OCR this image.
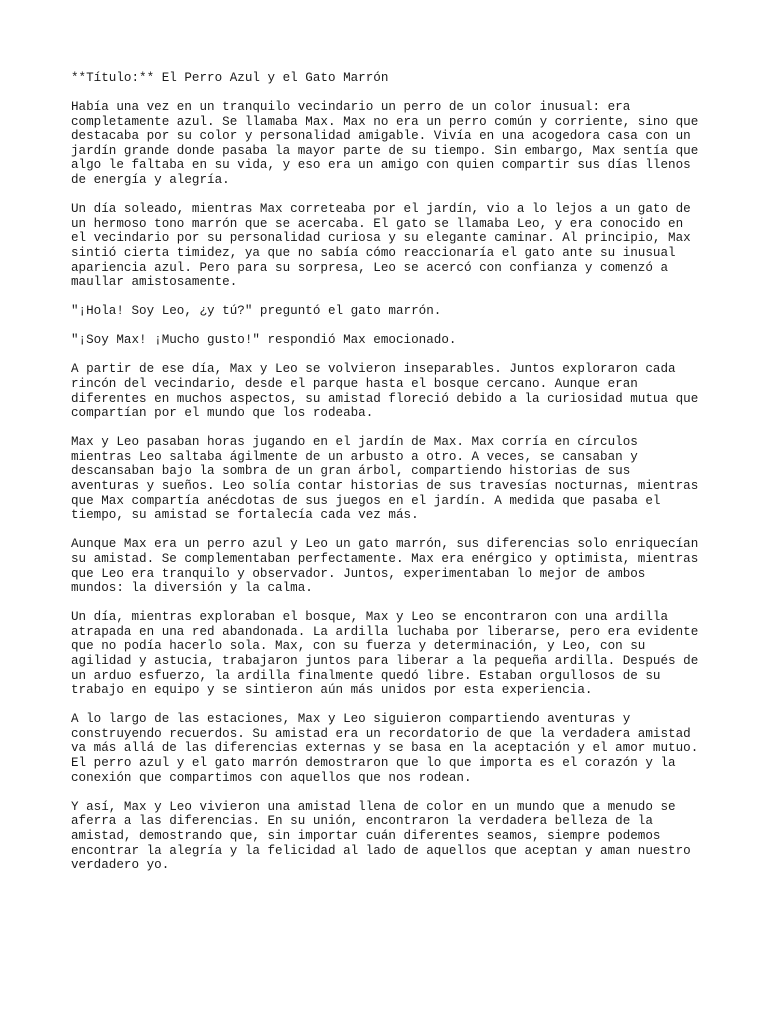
**Título:** El Perro Azul y el Gato Marrón

Había una vez en un tranquilo vecindario un perro de un color inusual: era
completamente azul. Se llamaba Max. Max no era un perro común y corriente, sino que
destacaba por su color y personalidad amigable. Vivía en una acogedora casa con un
jardín grande donde pasaba la mayor parte de su tiempo. Sin embargo, Max sentía que
algo le faltaba en su vida, y eso era un amigo con quien compartir sus días llenos
de energía y alegría.

Un día soleado, mientras Max correteaba por el jardín, vio a lo lejos a un gato de
un hermoso tono marrón que se acercaba. El gato se llamaba Leo, y era conocido en
el vecindario por su personalidad curiosa y su elegante caminar. Al principio, Max
sintió cierta timidez, ya que no sabía cómo reaccionaría el gato ante su inusual
apariencia azul. Pero para su sorpresa, Leo se acercó con confianza y comenzó a
maullar amistosamente.

"¡Hola! Soy Leo, ¿y tú?" preguntó el gato marrón.

"¡Soy Max! ¡Mucho gusto!" respondió Max emocionado.

A partir de ese día, Max y Leo se volvieron inseparables. Juntos exploraron cada
rincón del vecindario, desde el parque hasta el bosque cercano. Aunque eran
diferentes en muchos aspectos, su amistad floreció debido a la curiosidad mutua que
compartían por el mundo que los rodeaba.

Max y Leo pasaban horas jugando en el jardín de Max. Max corría en círculos
mientras Leo saltaba ágilmente de un arbusto a otro. A veces, se cansaban y
descansaban bajo la sombra de un gran árbol, compartiendo historias de sus
aventuras y sueños. Leo solía contar historias de sus travesías nocturnas, mientras
que Max compartía anécdotas de sus juegos en el jardín. A medida que pasaba el
tiempo, su amistad se fortalecía cada vez más.

Aunque Max era un perro azul y Leo un gato marrón, sus diferencias solo enriquecían
su amistad. Se complementaban perfectamente. Max era enérgico y optimista, mientras
que Leo era tranquilo y observador. Juntos, experimentaban lo mejor de ambos
mundos: la diversión y la calma.

Un día, mientras exploraban el bosque, Max y Leo se encontraron con una ardilla
atrapada en una red abandonada. La ardilla luchaba por liberarse, pero era evidente
que no podía hacerlo sola. Max, con su fuerza y determinación, y Leo, con su
agilidad y astucia, trabajaron juntos para liberar a la pequeña ardilla. Después de
un arduo esfuerzo, la ardilla finalmente quedó libre. Estaban orgullosos de su
trabajo en equipo y se sintieron aún más unidos por esta experiencia.

A lo largo de las estaciones, Max y Leo siguieron compartiendo aventuras y
construyendo recuerdos. Su amistad era un recordatorio de que la verdadera amistad
va más allá de las diferencias externas y se basa en la aceptación y el amor mutuo.
El perro azul y el gato marrón demostraron que lo que importa es el corazón y la
conexión que compartimos con aquellos que nos rodean.

Y así, Max y Leo vivieron una amistad llena de color en un mundo que a menudo se
aferra a las diferencias. En su unión, encontraron la verdadera belleza de la
amistad, demostrando que, sin importar cuán diferentes seamos, siempre podemos
encontrar la alegría y la felicidad al lado de aquellos que aceptan y aman nuestro
verdadero yo.
